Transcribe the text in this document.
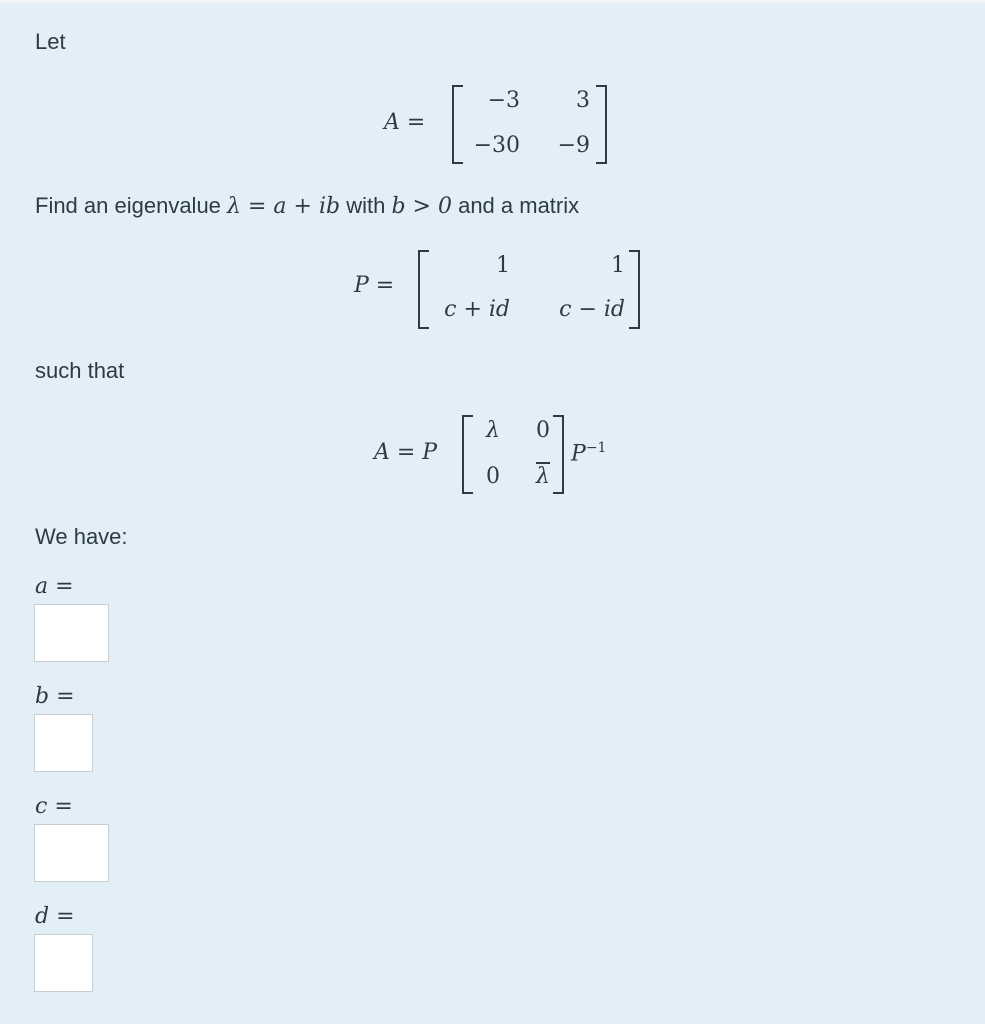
Let
A =
−3	3
−30	−9
Find an eigenvalue λ = a + ib with b > 0 and a matrix
P =
1	1
c + id	c − id
such that
A = P
λ	0
0	$\overline{\lambda}$
$P^{-1}$
We have:
a =
b =
c =
d =
